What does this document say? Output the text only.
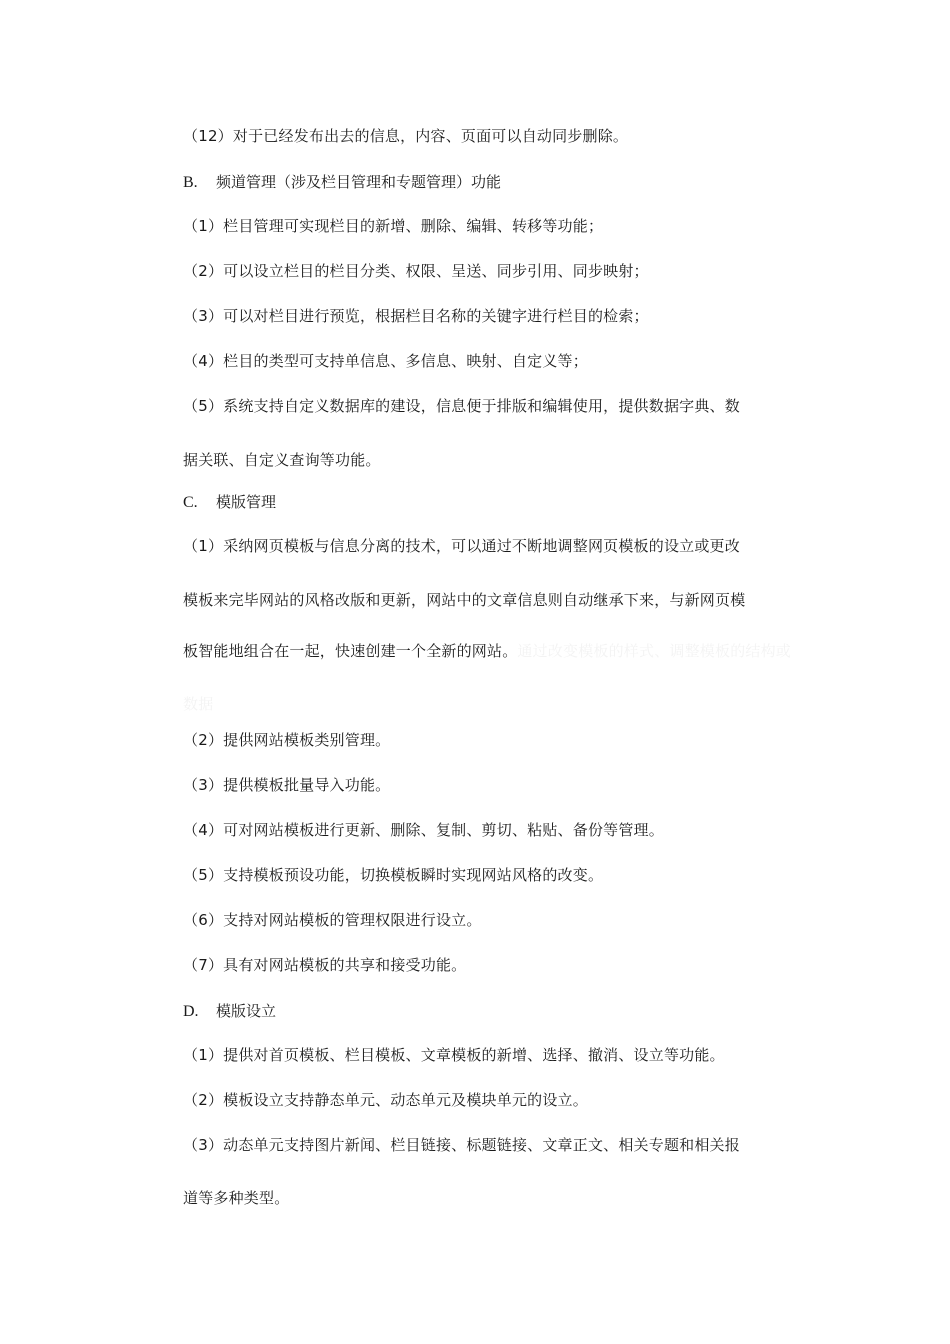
（12）对于已经发布出去的信息，内容、页面可以自动同步删除。
B. 频道管理（涉及栏目管理和专题管理）功能
（1）栏目管理可实现栏目的新增、删除、编辑、转移等功能；
（2）可以设立栏目的栏目分类、权限、呈送、同步引用、同步映射；
（3）可以对栏目进行预览，根据栏目名称的关键字进行栏目的检索；
（4）栏目的类型可支持单信息、多信息、映射、自定义等；
（5）系统支持自定义数据库的建设，信息便于排版和编辑使用，提供数据字典、数
据关联、自定义查询等功能。
C. 模版管理
（1）采纳网页模板与信息分离的技术，可以通过不断地调整网页模板的设立或更改
模板来完毕网站的风格改版和更新，网站中的文章信息则自动继承下来，与新网页模
板智能地组合在一起，快速创建一个全新的网站。通过改变模板的样式、调整模板的结构或
数据
（2）提供网站模板类别管理。
（3）提供模板批量导入功能。
（4）可对网站模板进行更新、删除、复制、剪切、粘贴、备份等管理。
（5）支持模板预设功能，切换模板瞬时实现网站风格的改变。
（6）支持对网站模板的管理权限进行设立。
（7）具有对网站模板的共享和接受功能。
D. 模版设立
（1）提供对首页模板、栏目模板、文章模板的新增、选择、撤消、设立等功能。
（2）模板设立支持静态单元、动态单元及模块单元的设立。
（3）动态单元支持图片新闻、栏目链接、标题链接、文章正文、相关专题和相关报
道等多种类型。
